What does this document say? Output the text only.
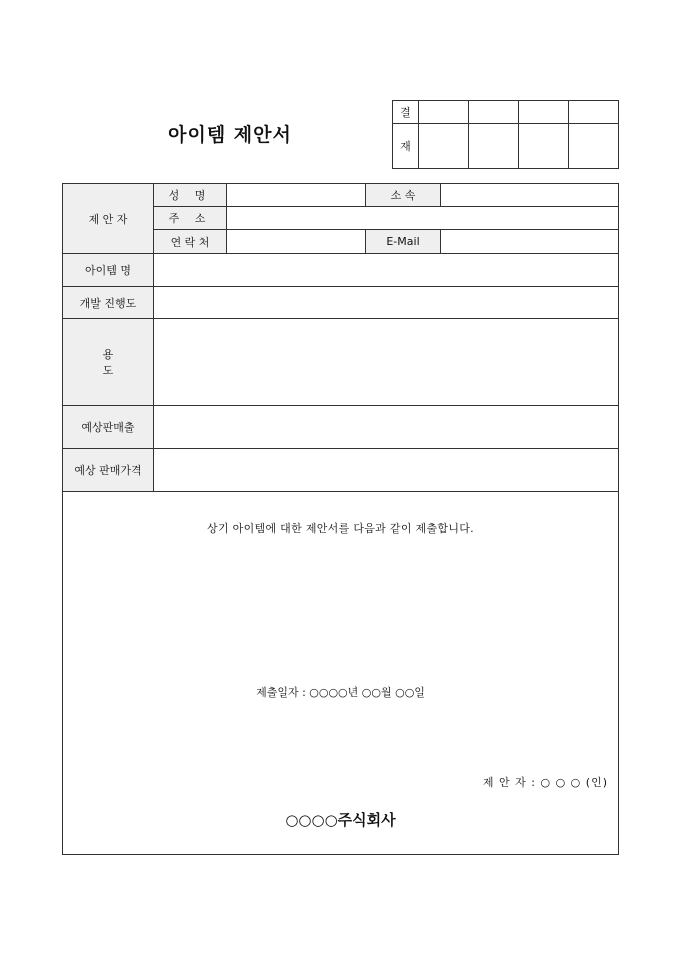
아이템 제안서
결				
재				
제 안 자	성 명		소 속	
	주 소			
	연 락 처		E-Mail	
아이템 명				
개발 진행도				
용 도				
예상판매출				
예상 판매가격				
상기 아이템에 대한 제안서를 다음과 같이 제출합니다.
제출일자 : ○○○○년 ○○월 ○○일
제 안 자 : ○ ○ ○ (인)
○○○○주식회사
